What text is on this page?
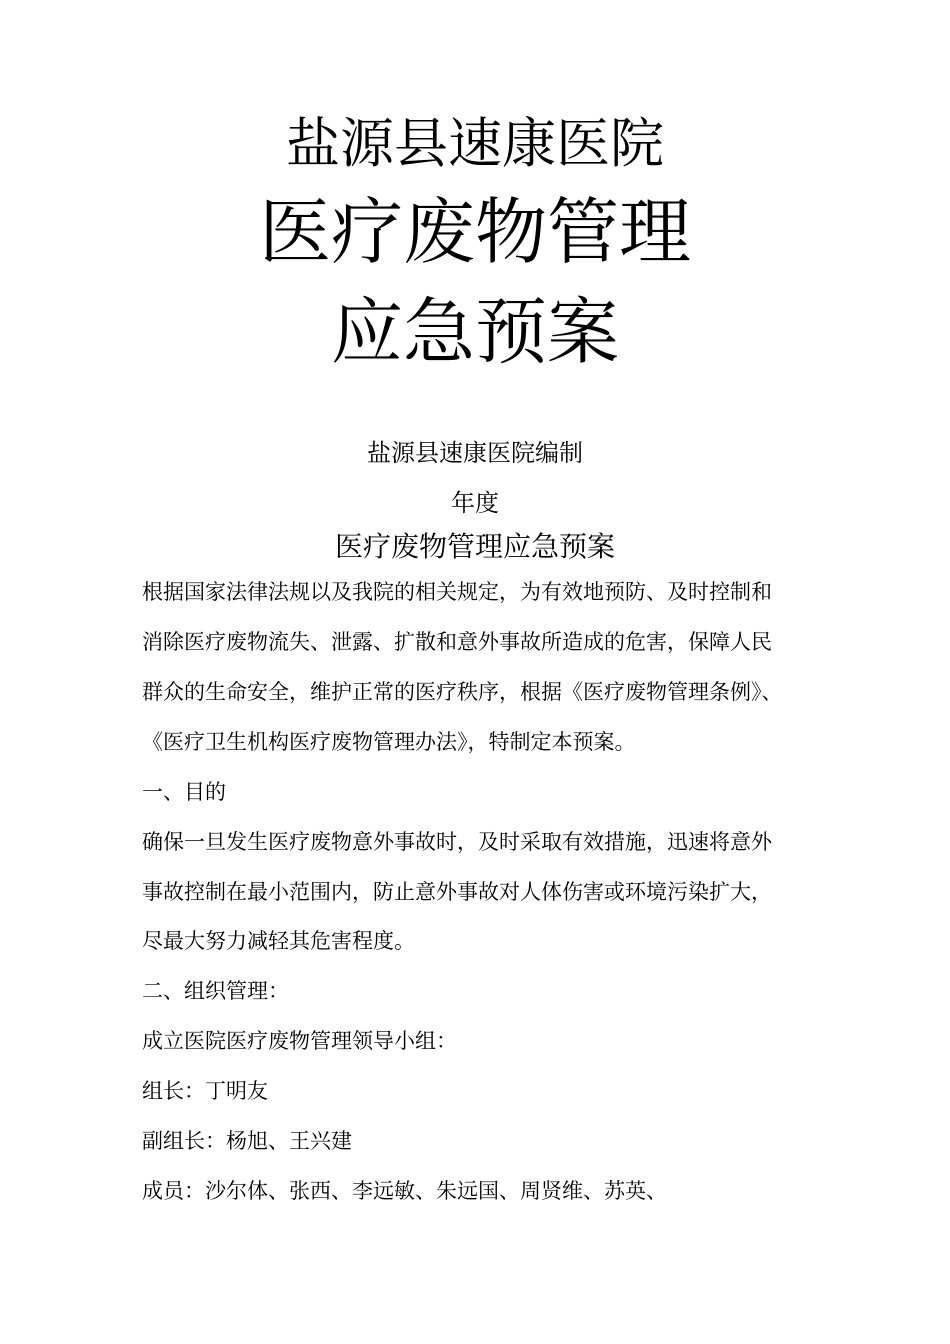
盐源县速康医院
医疗废物管理
应急预案
盐源县速康医院编制
年度
医疗废物管理应急预案
根据国家法律法规以及我院的相关规定，为有效地预防、及时控制和
消除医疗废物流失、泄露、扩散和意外事故所造成的危害，保障人民
群众的生命安全，维护正常的医疗秩序，根据《医疗废物管理条例》、
《医疗卫生机构医疗废物管理办法》，特制定本预案。
一、目的
确保一旦发生医疗废物意外事故时，及时采取有效措施，迅速将意外
事故控制在最小范围内，防止意外事故对人体伤害或环境污染扩大，
尽最大努力减轻其危害程度。
二、组织管理：
成立医院医疗废物管理领导小组：
组长：丁明友
副组长：杨旭、王兴建
成员：沙尔体、张西、李远敏、朱远国、周贤维、苏英、
